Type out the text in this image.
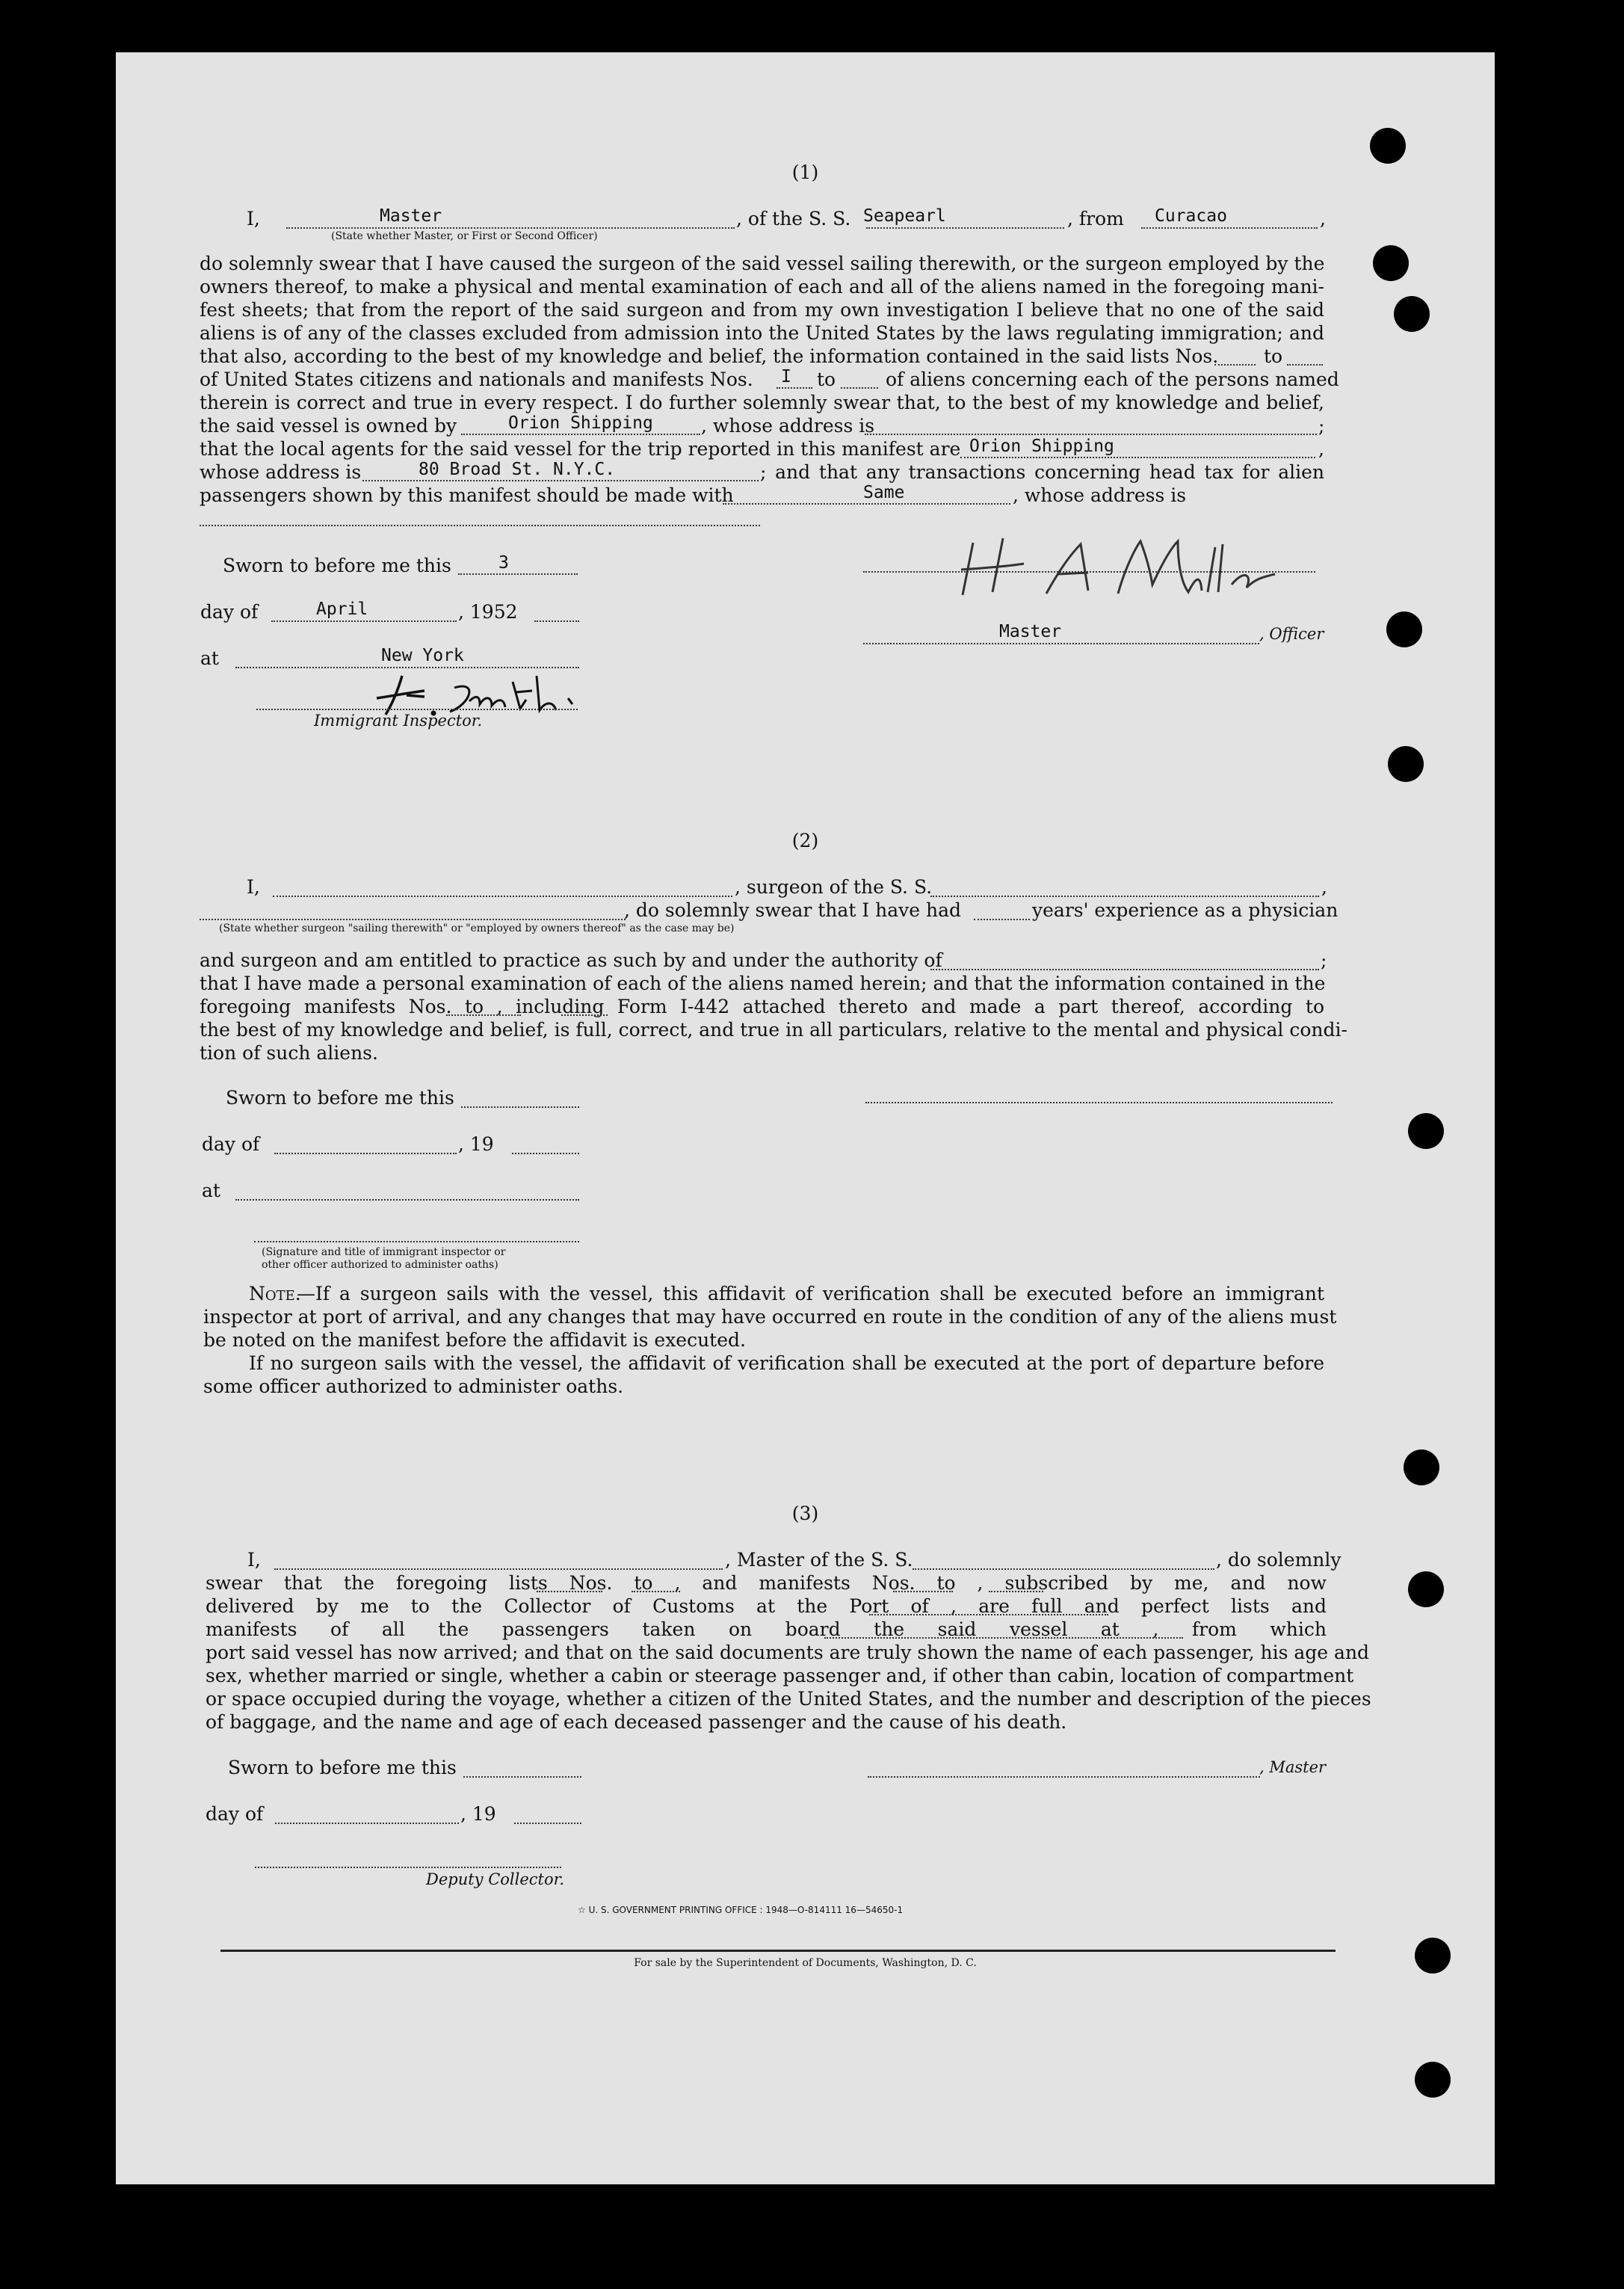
(1)
I,	Master
(State whether Master, or First or Second Officer)
, of the S. S. Seapearl	, from Curacao	,
do solemnly swear that I have caused the surgeon of the said vessel sailing therewith, or the surgeon employed by the
owners thereof, to make a physical and mental examination of each and all of the aliens named in the foregoing mani-
fest sheets; that from the report of the said surgeon and from my own investigation I believe that no one of the said
aliens is of any of the classes excluded from admission into the United States by the laws regulating immigration; and
that also, according to the best of my knowledge and belief, the information contained in the said lists Nos. to
of United States citizens and nationals and manifests Nos. I to	of aliens concerning each of the persons named
therein is correct and true in every respect. I do further solemnly swear that, to the best of my knowledge and belief,
the said vessel is owned by	Orion Shipping	, whose address is	;
that the local agents for the said vessel for the trip reported in this manifest are Orion Shipping	,
whose address is	80 Broad St. N.Y.C.	; and that any transactions concerning head tax for alien
passengers shown by this manifest should be made with	Same	, whose address is
Sworn to before me this	3
day of	April	, 1952
at	New York
Immigrant Inspector.
Master	, Officer
(2)
I,	, surgeon of the S. S.	,
, do solemnly swear that I have had	years' experience as a physician
(State whether surgeon "sailing therewith" or "employed by owners thereof" as the case may be)
and surgeon and am entitled to practice as such by and under the authority of	;
that I have made a personal examination of each of the aliens named herein; and that the information contained in the
foregoing manifests Nos. to , including Form I-442 attached thereto and made a part thereof, according to
the best of my knowledge and belief, is full, correct, and true in all particulars, relative to the mental and physical condi-
tion of such aliens.
Sworn to before me this
day of	, 19
at
(Signature and title of immigrant inspector or
other officer authorized to administer oaths)
Note.
—If a surgeon sails with the vessel, this affidavit of verification shall be executed before an immigrant
inspector at port of arrival, and any changes that may have occurred en route in the condition of any of the aliens must
be noted on the manifest before the affidavit is executed.
If no surgeon sails with the vessel, the affidavit of verification shall be executed at the port of departure before
some officer authorized to administer oaths.
(3)
I,	, Master of the S. S.	, do solemnly
swear that the foregoing lists Nos. to , and manifests Nos. to , subscribed by me, and now
delivered by me to the Collector of Customs at the Port of , are full and perfect lists and
manifests of all the passengers taken on board the said vessel at , from which
port said vessel has now arrived; and that on the said documents are truly shown the name of each passenger, his age and
sex, whether married or single, whether a cabin or steerage passenger and, if other than cabin, location of compartment
or space occupied during the voyage, whether a citizen of the United States, and the number and description of the pieces
of baggage, and the name and age of each deceased passenger and the cause of his death.
Sworn to before me this	, Master
day of	, 19
Deputy Collector.
☆ U. S. GOVERNMENT PRINTING OFFICE : 1948—O-814111 16—54650-1
For sale by the Superintendent of Documents, Washington, D. C.
